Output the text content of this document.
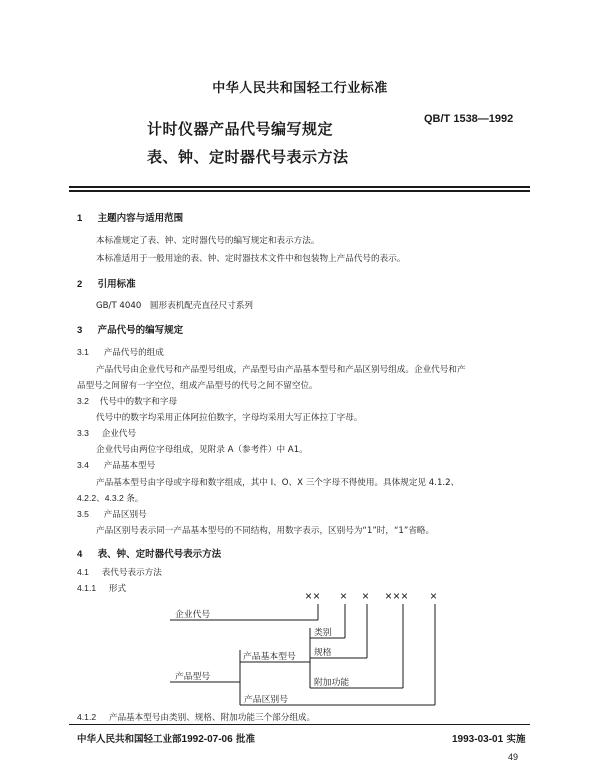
中华人民共和国轻工行业标准
QB/T 1538—1992
计时仪器产品代号编写规定
表、钟、定时器代号表示方法
1 主题内容与适用范围
本标准规定了表、钟、定时器代号的编写规定和表示方法。
本标准适用于一般用途的表、钟、定时器技术文件中和包装物上产品代号的表示。
2 引用标准
GB/T 4040　圆形表机配壳直径尺寸系列
3 产品代号的编写规定
3.1 产品代号的组成
产品代号由企业代号和产品型号组成，产品型号由产品基本型号和产品区别号组成。企业代号和产
品型号之间留有一字空位，组成产品型号的代号之间不留空位。
3.2 代号中的数字和字母
代号中的数字均采用正体阿拉伯数字，字母均采用大写正体拉丁字母。
3.3 企业代号
企业代号由两位字母组成，见附录 A（参考件）中 A1。
3.4 产品基本型号
产品基本型号由字母或字母和数字组成，其中 I、O、X 三个字母不得使用。具体规定见 4.1.2、
4.2.2、4.3.2 条。
3.5 产品区别号
产品区别号表示同一产品基本型号的不同结构，用数字表示，区别号为“1”时，“1”省略。
4 表、钟、定时器代号表示方法
4.1 表代号表示方法
4.1.1 形式	×× × × ××× ×
企业代号
类别
产品基本型号 规格
产品型号
附加功能
产品区别号
4.1.2 产品基本型号由类别、规格、附加功能三个部分组成。
中华人民共和国轻工业部1992-07-06 批准	1993-03-01 实施
49
